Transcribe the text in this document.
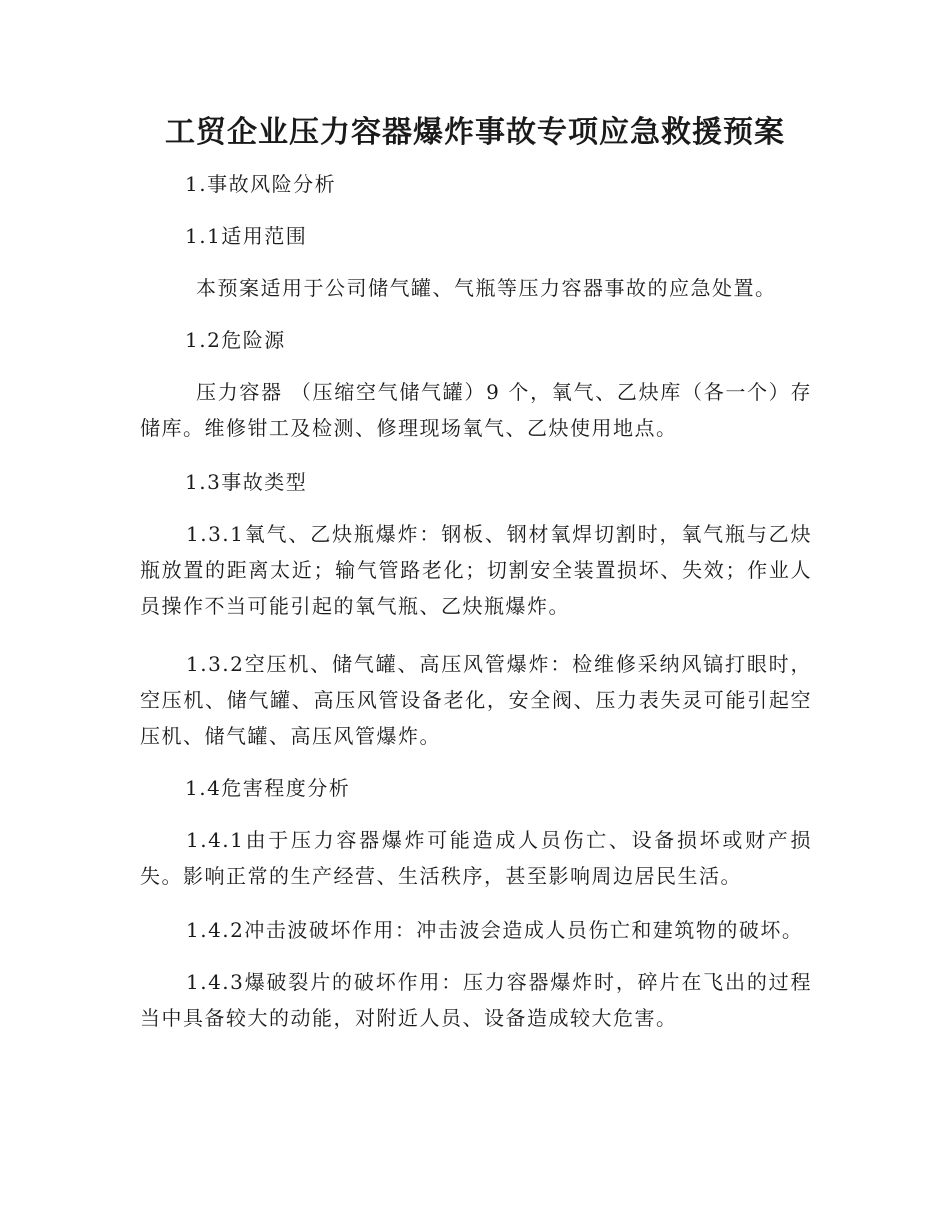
工贸企业压力容器爆炸事故专项应急救援预案

1.事故风险分析

1.1适用范围

本预案适用于公司储气罐、气瓶等压力容器事故的应急处置。

1.2危险源

压力容器 （压缩空气储气罐）9 个，氧气、乙炔库（各一个）存储库。维修钳工及检测、修理现场氧气、乙炔使用地点。

1.3事故类型

1.3.1氧气、乙炔瓶爆炸：钢板、钢材氧焊切割时，氧气瓶与乙炔瓶放置的距离太近；输气管路老化；切割安全装置损坏、失效；作业人员操作不当可能引起的氧气瓶、乙炔瓶爆炸。

1.3.2空压机、储气罐、高压风管爆炸：检维修采纳风镐打眼时，空压机、储气罐、高压风管设备老化，安全阀、压力表失灵可能引起空压机、储气罐、高压风管爆炸。

1.4危害程度分析

1.4.1由于压力容器爆炸可能造成人员伤亡、设备损坏或财产损失。影响正常的生产经营、生活秩序，甚至影响周边居民生活。

1.4.2冲击波破坏作用：冲击波会造成人员伤亡和建筑物的破坏。

1.4.3爆破裂片的破坏作用：压力容器爆炸时，碎片在飞出的过程当中具备较大的动能，对附近人员、设备造成较大危害。
